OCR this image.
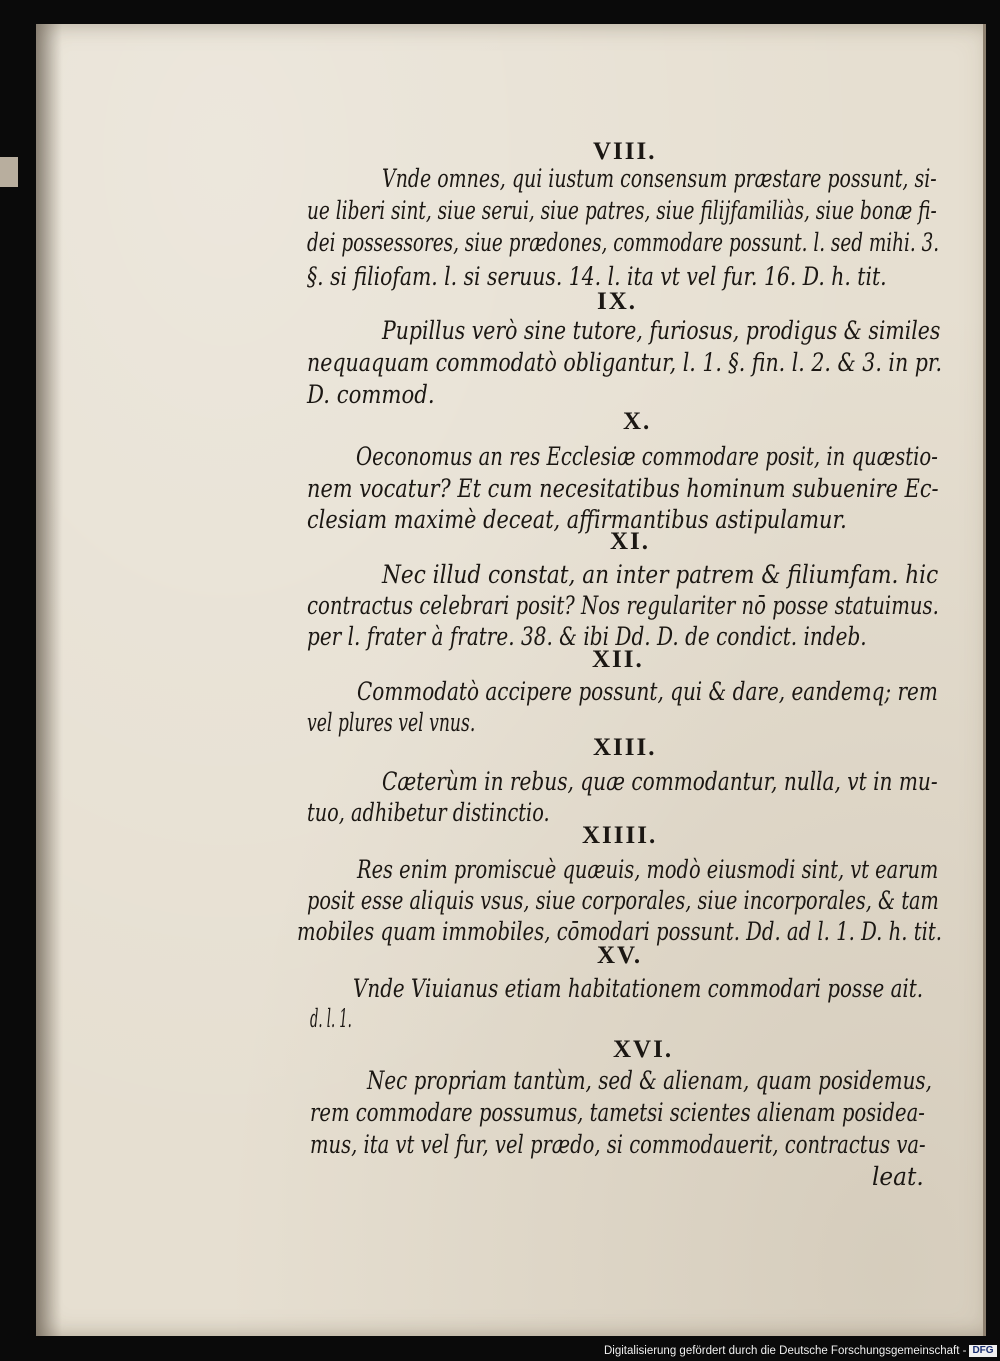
VIII.
Vnde omnes, qui iustum consensum præstare possunt, si-
ue liberi sint, siue serui, siue patres, siue filijfamiliàs, siue bonæ fi-
dei possessores, siue prædones, commodare possunt. l. sed mihi. 3.
§. si filiofam. l. si seruus. 14. l. ita vt vel fur. 16. D. h. tit.
IX.
Pupillus verò sine tutore, furiosus, prodigus & similes
nequaquam commodatò obligantur, l. 1. §. fin. l. 2. & 3. in pr.
D. commod.
X.
Oeconomus an res Ecclesiæ commodare posit, in quæstio-
nem vocatur? Et cum necesitatibus hominum subuenire Ec-
clesiam maximè deceat, affirmantibus astipulamur.
XI.
Nec illud constat, an inter patrem & filiumfam. hic
contractus celebrari posit? Nos regulariter nō posse statuimus.
per l. frater à fratre. 38. & ibi Dd. D. de condict. indeb.
XII.
Commodatò accipere possunt, qui & dare, eandemq; rem
vel plures vel vnus.
XIII.
Cæterùm in rebus, quæ commodantur, nulla, vt in mu-
tuo, adhibetur distinctio.
XIIII.
Res enim promiscuè quæuis, modò eiusmodi sint, vt earum
posit esse aliquis vsus, siue corporales, siue incorporales, & tam
mobiles quam immobiles, cōmodari possunt. Dd. ad l. 1. D. h. tit.
XV.
Vnde Viuianus etiam habitationem commodari posse ait.
d. l. 1.
XVI.
Nec propriam tantùm, sed & alienam, quam posidemus,
rem commodare possumus, tametsi scientes alienam posideа-
mus, ita vt vel fur, vel prædo, si commodauerit, contractus va-
leat.
Digitalisierung gefördert durch die Deutsche Forschungsgemeinschaft - DFG
